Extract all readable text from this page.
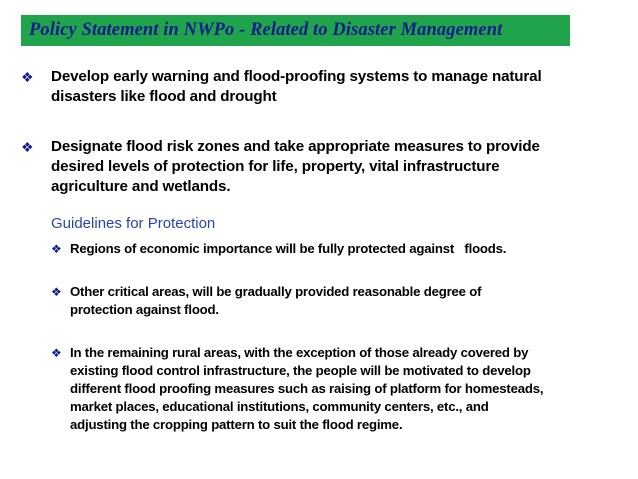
Policy Statement in NWPo - Related to Disaster Management
❖	Develop early warning and flood-proofing systems to manage natural
disasters like flood and drought
❖	Designate flood risk zones and take appropriate measures to provide
desired levels of protection for life, property, vital infrastructure
agriculture and wetlands.
Guidelines for Protection
❖ Regions of economic importance will be fully protected against   floods.
❖ Other critical areas, will be gradually provided reasonable degree of
protection against flood.
❖ In the remaining rural areas, with the exception of those already covered by
existing flood control infrastructure, the people will be motivated to develop
different flood proofing measures such as raising of platform for homesteads,
market places, educational institutions, community centers, etc., and
adjusting the cropping pattern to suit the flood regime.
